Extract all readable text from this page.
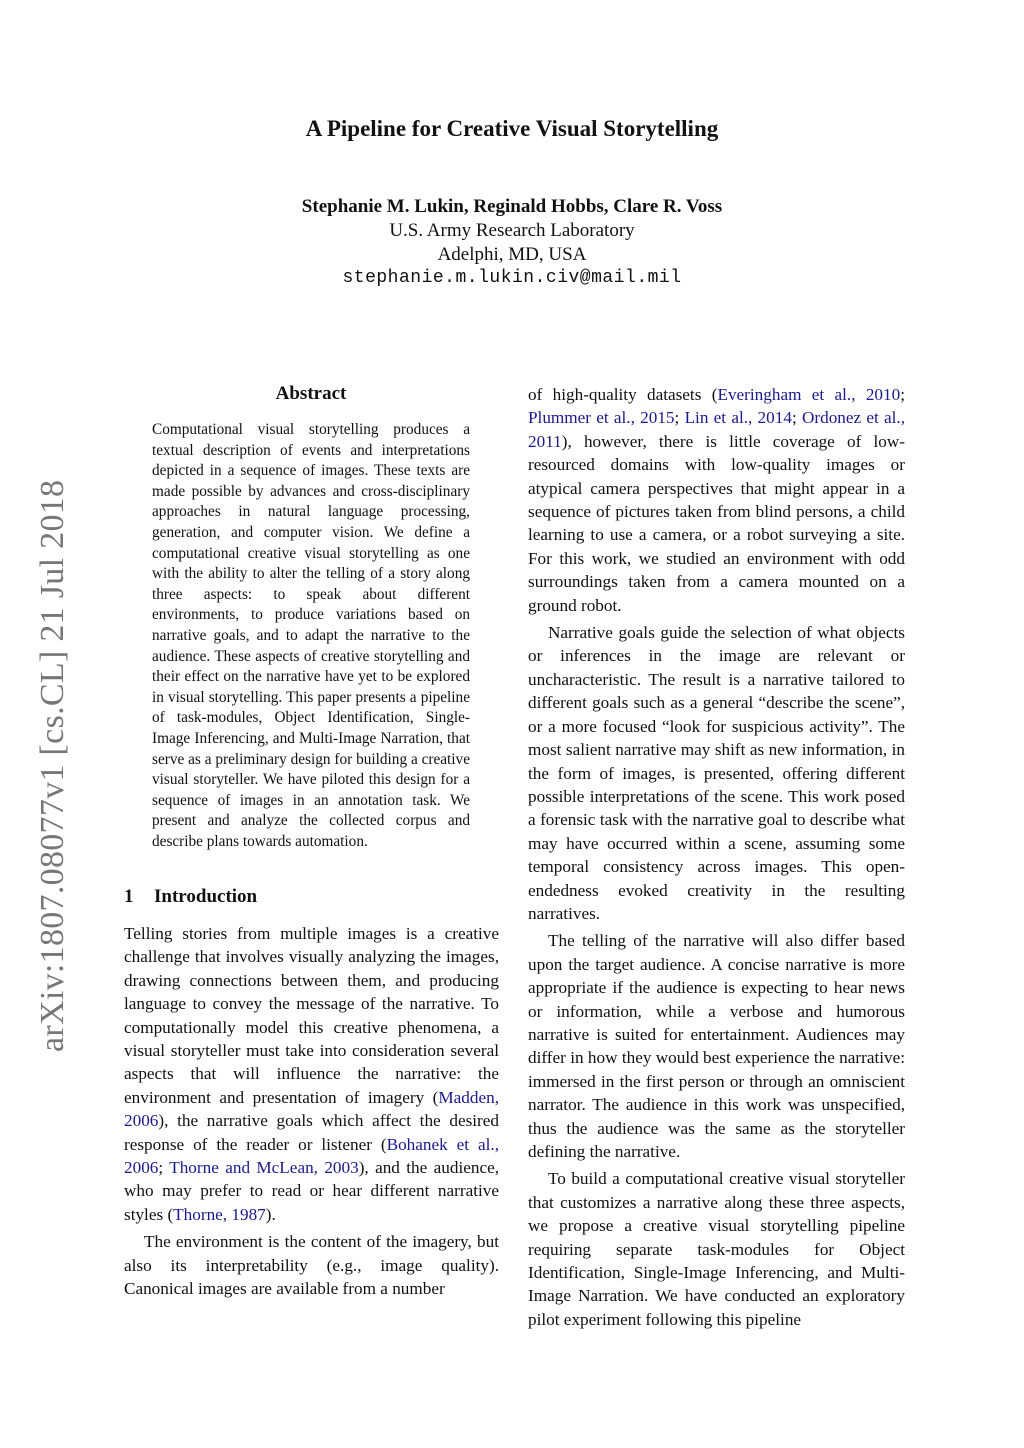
arXiv:1807.08077v1 [cs.CL] 21 Jul 2018
A Pipeline for Creative Visual Storytelling
Stephanie M. Lukin, Reginald Hobbs, Clare R. Voss
U.S. Army Research Laboratory
Adelphi, MD, USA
stephanie.m.lukin.civ@mail.mil
Abstract
Computational visual storytelling produces a textual description of events and interpretations depicted in a sequence of images. These texts are made possible by advances and cross-disciplinary approaches in natural language processing, generation, and computer vision. We define a computational creative visual storytelling as one with the ability to alter the telling of a story along three aspects: to speak about different environments, to produce variations based on narrative goals, and to adapt the narrative to the audience. These aspects of creative storytelling and their effect on the narrative have yet to be explored in visual storytelling. This paper presents a pipeline of task-modules, Object Identification, Single-Image Inferencing, and Multi-Image Narration, that serve as a preliminary design for building a creative visual storyteller. We have piloted this design for a sequence of images in an annotation task. We present and analyze the collected corpus and describe plans towards automation.
1 Introduction

Telling stories from multiple images is a creative challenge that involves visually analyzing the images, drawing connections between them, and producing language to convey the message of the narrative. To computationally model this creative phenomena, a visual storyteller must take into consideration several aspects that will influence the narrative: the environment and presentation of imagery (Madden, 2006), the narrative goals which affect the desired response of the reader or listener (Bohanek et al., 2006; Thorne and McLean, 2003), and the audience, who may prefer to read or hear different narrative styles (Thorne, 1987).

The environment is the content of the imagery, but also its interpretability (e.g., image quality). Canonical images are available from a number

of high-quality datasets (Everingham et al., 2010; Plummer et al., 2015; Lin et al., 2014; Ordonez et al., 2011), however, there is little coverage of low-resourced domains with low-quality images or atypical camera perspectives that might appear in a sequence of pictures taken from blind persons, a child learning to use a camera, or a robot surveying a site. For this work, we studied an environment with odd surroundings taken from a camera mounted on a ground robot.

Narrative goals guide the selection of what objects or inferences in the image are relevant or uncharacteristic. The result is a narrative tailored to different goals such as a general “describe the scene”, or a more focused “look for suspicious activity”. The most salient narrative may shift as new information, in the form of images, is presented, offering different possible interpretations of the scene. This work posed a forensic task with the narrative goal to describe what may have occurred within a scene, assuming some temporal consistency across images. This open-endedness evoked creativity in the resulting narratives.

The telling of the narrative will also differ based upon the target audience. A concise narrative is more appropriate if the audience is expecting to hear news or information, while a verbose and humorous narrative is suited for entertainment. Audiences may differ in how they would best experience the narrative: immersed in the first person or through an omniscient narrator. The audience in this work was unspecified, thus the audience was the same as the storyteller defining the narrative.

To build a computational creative visual storyteller that customizes a narrative along these three aspects, we propose a creative visual storytelling pipeline requiring separate task-modules for Object Identification, Single-Image Inferencing, and Multi-Image Narration. We have conducted an exploratory pilot experiment following this pipeline
